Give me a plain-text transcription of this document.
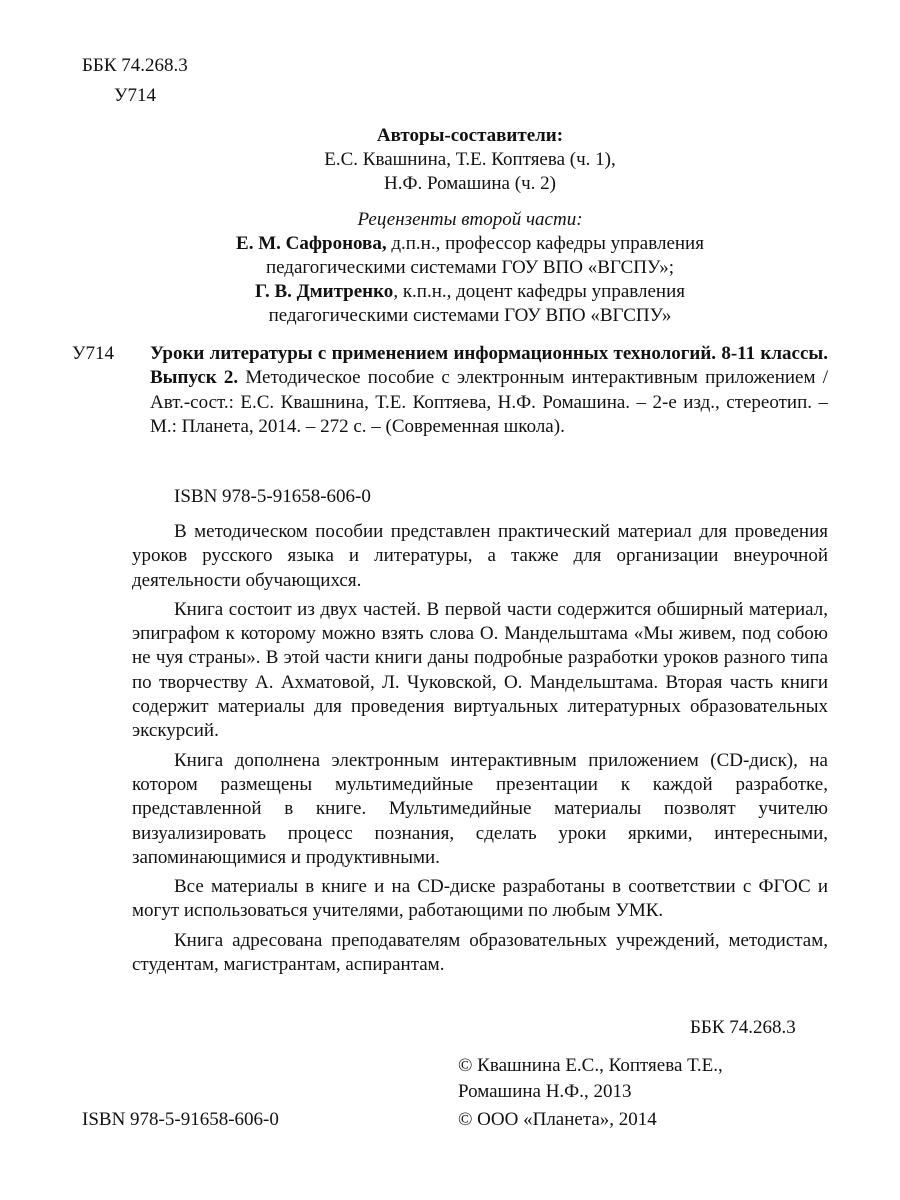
ББК 74.268.3
У714
Авторы-составители:
Е.С. Квашнина, Т.Е. Коптяева (ч. 1),
Н.Ф. Ромашина (ч. 2)
Рецензенты второй части:
Е. М. Сафронова, д.п.н., профессор кафедры управления
педагогическими системами ГОУ ВПО «ВГСПУ»;
Г. В. Дмитренко, к.п.н., доцент кафедры управления
педагогическими системами ГОУ ВПО «ВГСПУ»
У714 Уроки литературы с применением информационных технологий. 8-11 классы. Выпуск 2. Методическое пособие с электронным интерактивным приложением / Авт.-сост.: Е.С. Квашнина, Т.Е. Коптяева, Н.Ф. Ромашина. – 2-е изд., стереотип. – М.: Планета, 2014. – 272 с. – (Современная школа).
ISBN 978-5-91658-606-0

В методическом пособии представлен практический материал для проведения уроков русского языка и литературы, а также для организации внеурочной деятельности обучающихся.

Книга состоит из двух частей. В первой части содержится обширный материал, эпиграфом к которому можно взять слова О. Мандельштама «Мы живем, под собою не чуя страны». В этой части книги даны подробные разработки уроков разного типа по творчеству А. Ахматовой, Л. Чуковской, О. Мандельштама. Вторая часть книги содержит материалы для проведения виртуальных литературных образовательных экскурсий.

Книга дополнена электронным интерактивным приложением (CD-диск), на котором размещены мультимедийные презентации к каждой разработке, представленной в книге. Мультимедийные материалы позволят учителю визуализировать процесс познания, сделать уроки яркими, интересными, запоминающимися и продуктивными.

Все материалы в книге и на CD-диске разработаны в соответствии с ФГОС и могут использоваться учителями, работающими по любым УМК.

Книга адресована преподавателям образовательных учреждений, методистам, студентам, магистрантам, аспирантам.

ББК 74.268.3
© Квашнина Е.С., Коптяева Т.Е.,
Ромашина Н.Ф., 2013
ISBN 978-5-91658-606-0	© ООО «Планета», 2014
